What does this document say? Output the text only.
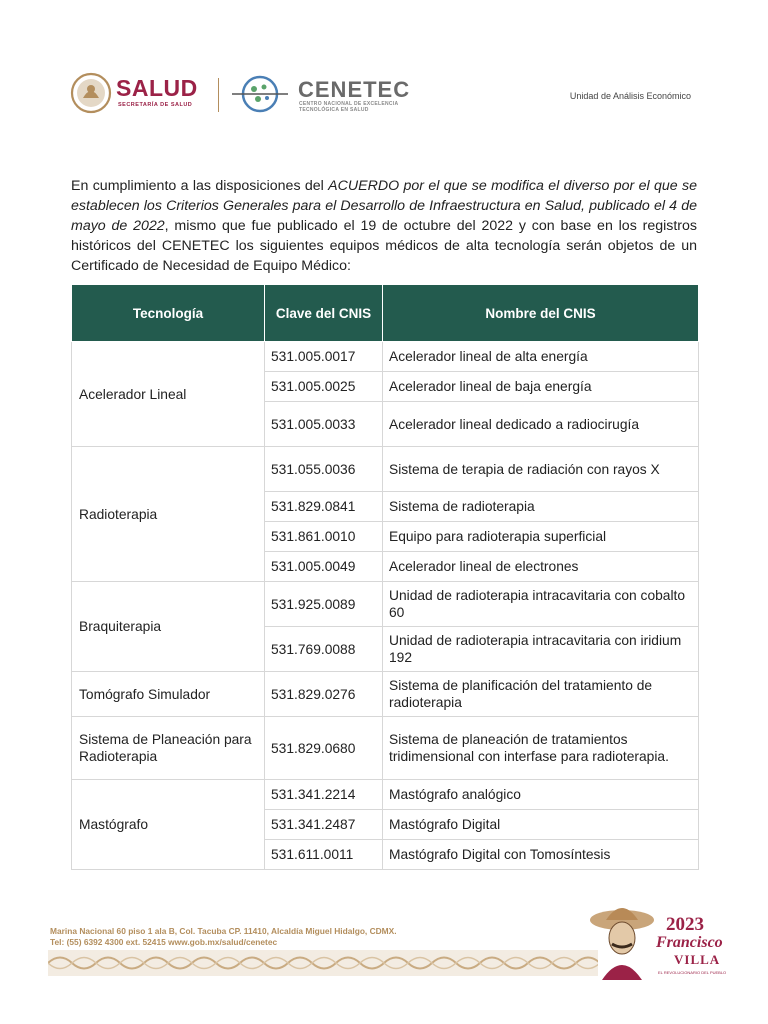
SALUD
SECRETARÍA DE SALUD
CENETEC
CENTRO NACIONAL DE EXCELENCIA
TECNOLÓGICA EN SALUD
Unidad de Análisis Económico

En cumplimiento a las disposiciones del ACUERDO por el que se modifica el diverso por el que se establecen los Criterios Generales para el Desarrollo de Infraestructura en Salud, publicado el 4 de mayo de 2022, mismo que fue publicado el 19 de octubre del 2022 y con base en los registros históricos del CENETEC los siguientes equipos médicos de alta tecnología serán objetos de un Certificado de Necesidad de Equipo Médico:

Tecnología	Clave del CNIS	Nombre del CNIS
Acelerador Lineal	531.005.0017	Acelerador lineal de alta energía
	531.005.0025	Acelerador lineal de baja energía
	531.005.0033	Acelerador lineal dedicado a radiocirugía
Radioterapia	531.055.0036	Sistema de terapia de radiación con rayos X
	531.829.0841	Sistema de radioterapia
	531.861.0010	Equipo para radioterapia superficial
	531.005.0049	Acelerador lineal de electrones
Braquiterapia	531.925.0089	Unidad de radioterapia intracavitaria con cobalto 60
	531.769.0088	Unidad de radioterapia intracavitaria con iridium 192
Tomógrafo Simulador	531.829.0276	Sistema de planificación del tratamiento de radioterapia
Sistema de Planeación para Radioterapia	531.829.0680	Sistema de planeación de tratamientos tridimensional con interfase para radioterapia.
Mastógrafo	531.341.2214	Mastógrafo analógico
	531.341.2487	Mastógrafo Digital
	531.611.0011	Mastógrafo Digital con Tomosíntesis
Marina Nacional 60 piso 1 ala B, Col. Tacuba CP. 11410, Alcaldía Miguel Hidalgo, CDMX.
Tel: (55) 6392 4300 ext. 52415 www.gob.mx/salud/cenetec
2023
Francisco
VILLA
EL REVOLUCIONARIO DEL PUEBLO
